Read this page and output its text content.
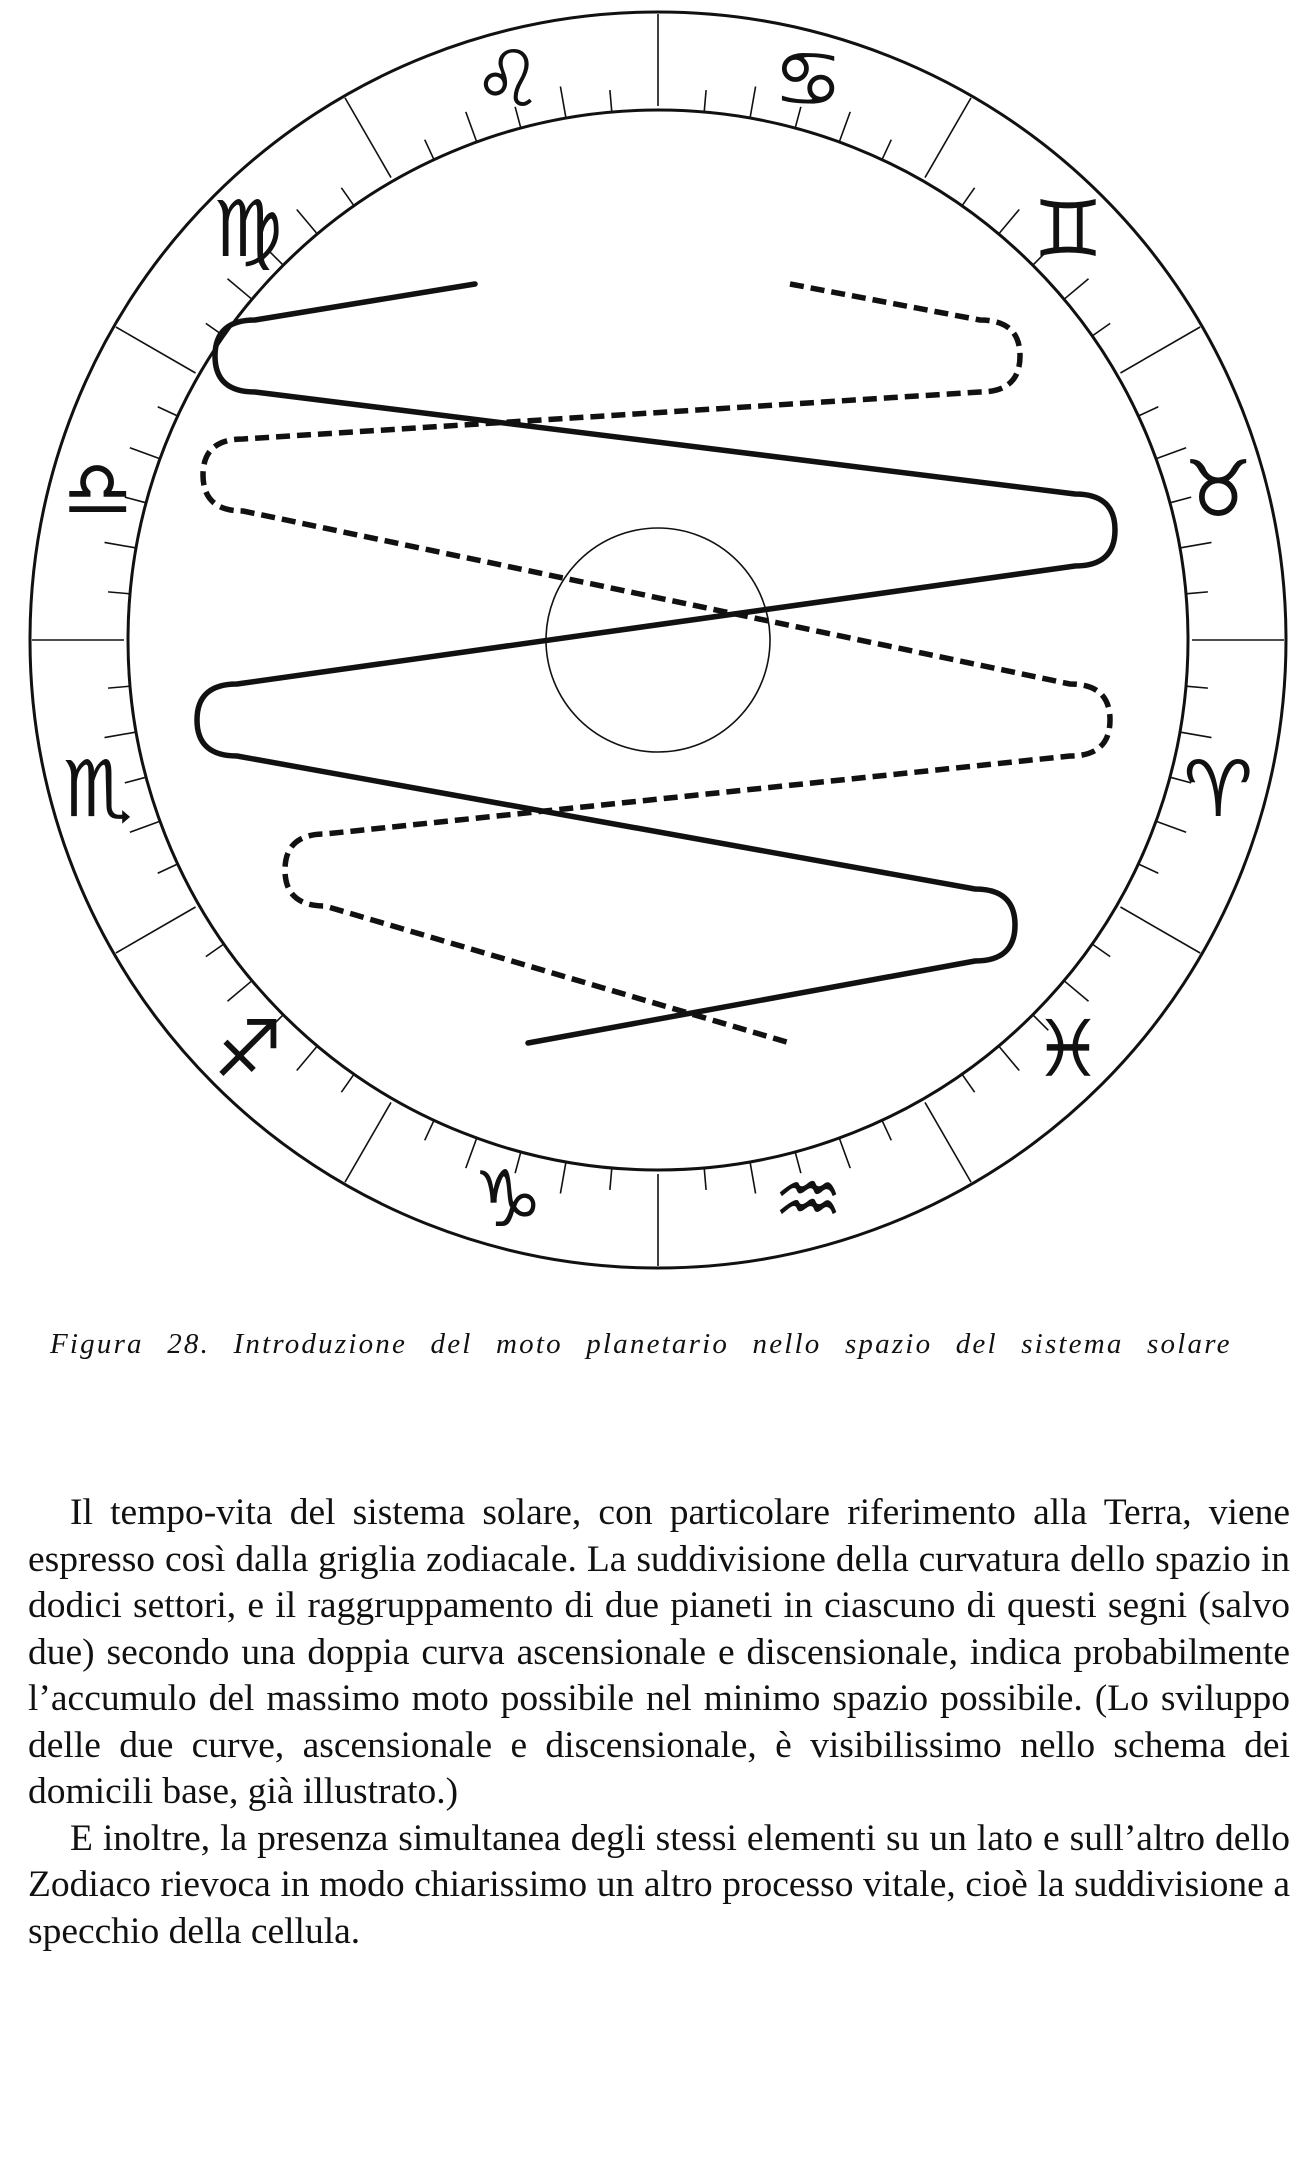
♋
♌
♍
♎
♏
♐
♑	♒
♓
♈
♉
♊
Figura 28. Introduzione del moto planetario nello spazio del sistema solare

Il tempo-vita del sistema solare, con particolare riferimento alla Terra, viene espresso così dalla griglia zodiacale. La suddivisione della curvatura dello spazio in dodici settori, e il raggruppamento di due pianeti in ciascuno di questi segni (salvo due) secondo una doppia curva ascensionale e discensionale, indica probabilmente l’accumulo del massimo moto possibile nel minimo spazio possibile. (Lo sviluppo delle due curve, ascensionale e discensionale, è visibilissimo nello schema dei domicili base, già illustrato.)

E inoltre, la presenza simultanea degli stessi elementi su un lato e sull’altro dello Zodiaco rievoca in modo chiarissimo un altro processo vitale, cioè la suddivisione a specchio della cellula.
